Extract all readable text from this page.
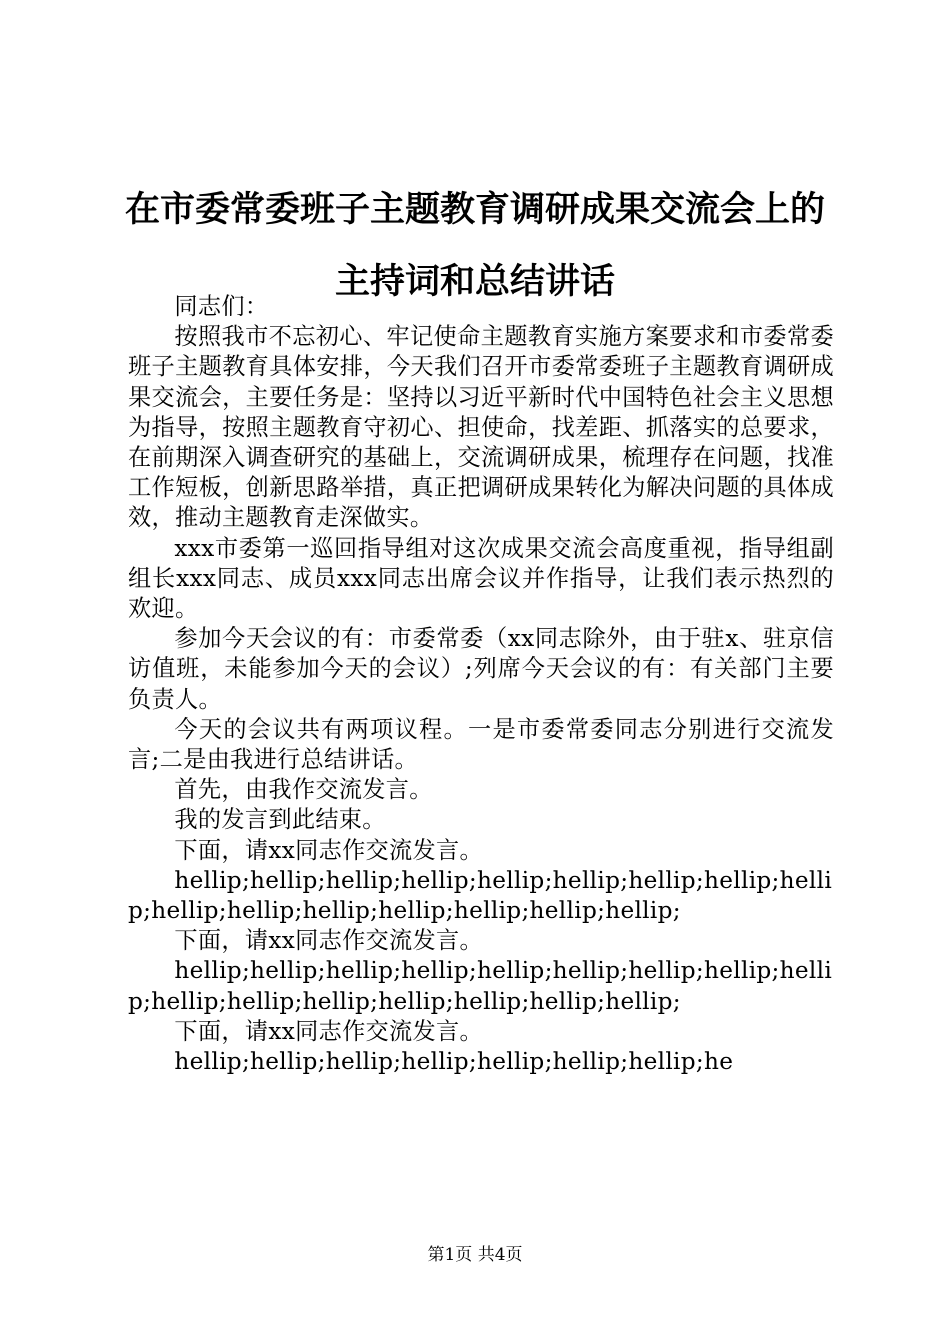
在市委常委班子主题教育调研成果交流会上的
主持词和总结讲话

同志们：

按照我市不忘初心、牢记使命主题教育实施方案要求和市委常委班子主题教育具体安排，今天我们召开市委常委班子主题教育调研成果交流会，主要任务是：坚持以习近平新时代中国特色社会主义思想为指导，按照主题教育守初心、担使命，找差距、抓落实的总要求，在前期深入调查研究的基础上，交流调研成果，梳理存在问题，找准工作短板，创新思路举措，真正把调研成果转化为解决问题的具体成效，推动主题教育走深做实。

xxx市委第一巡回指导组对这次成果交流会高度重视，指导组副组长xxx同志、成员xxx同志出席会议并作指导，让我们表示热烈的欢迎。

参加今天会议的有：市委常委（xx同志除外，由于驻x、驻京信访值班，未能参加今天的会议）;列席今天会议的有：有关部门主要负责人。

今天的会议共有两项议程。一是市委常委同志分别进行交流发言;二是由我进行总结讲话。

首先，由我作交流发言。

我的发言到此结束。

下面，请xx同志作交流发言。

hellip;hellip;hellip;hellip;hellip;hellip;hellip;hellip;hellip;hellip;hellip;hellip;hellip;hellip;hellip;hellip;

下面，请xx同志作交流发言。

hellip;hellip;hellip;hellip;hellip;hellip;hellip;hellip;hellip;hellip;hellip;hellip;hellip;hellip;hellip;hellip;

下面，请xx同志作交流发言。

hellip;hellip;hellip;hellip;hellip;hellip;hellip;he

第1页 共4页
